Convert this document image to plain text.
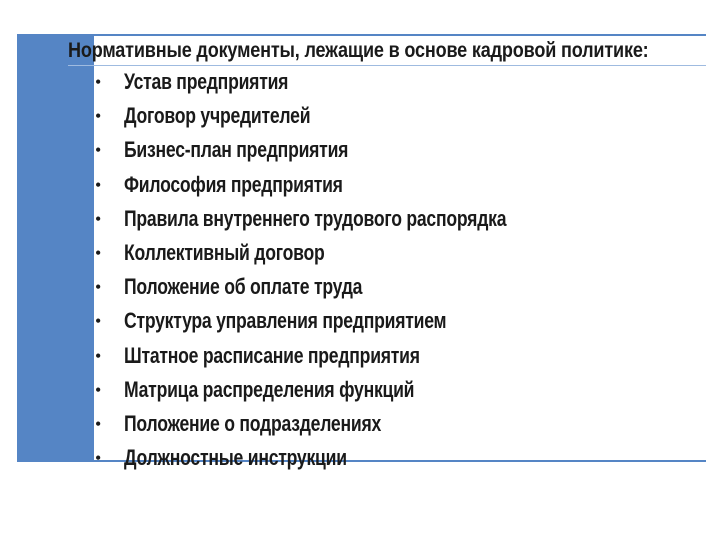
Нормативные документы, лежащие в основе кадровой политике:

• Устав предприятия
• Договор учредителей
• Бизнес-план предприятия
• Философия предприятия
• Правила внутреннего трудового распорядка
• Коллективный договор
• Положение об оплате труда
• Структура управления предприятием
• Штатное расписание предприятия
• Матрица распределения функций
• Положение о подразделениях
• Должностные инструкции
